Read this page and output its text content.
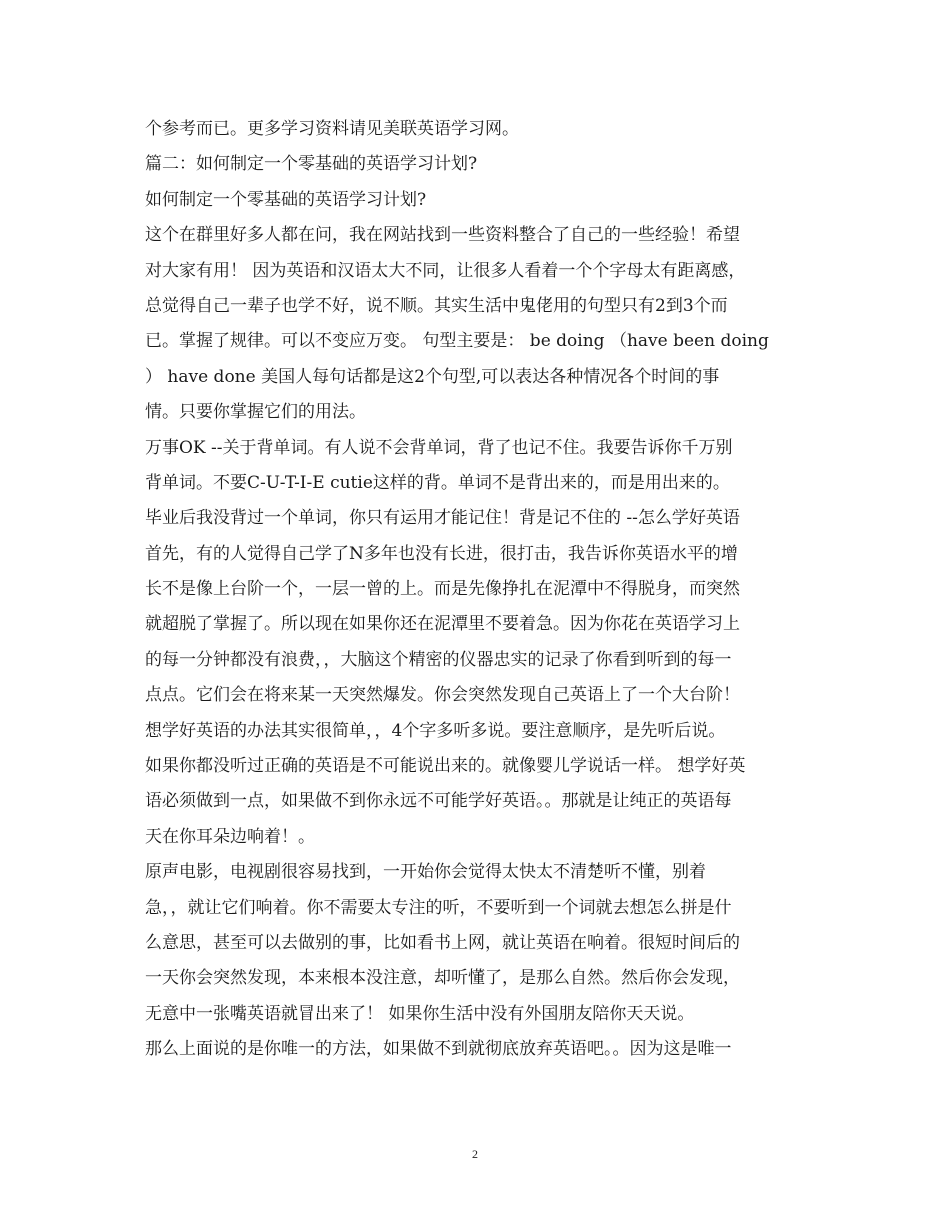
个参考而已。更多学习资料请见美联英语学习网。
篇二：如何制定一个零基础的英语学习计划?
如何制定一个零基础的英语学习计划?
这个在群里好多人都在问，我在网站找到一些资料整合了自己的一些经验！希望
对大家有用！ 因为英语和汉语太大不同，让很多人看着一个个字母太有距离感，
总觉得自己一辈子也学不好，说不顺。其实生活中鬼佬用的句型只有2到3个而
已。掌握了规律。可以不变应万变。 句型主要是： be doing （have been doing
） have done 美国人每句话都是这2个句型,可以表达各种情况各个时间的事
情。只要你掌握它们的用法。
万事OK --关于背单词。有人说不会背单词，背了也记不住。我要告诉你千万别
背单词。不要C-U-T-I-E cutie这样的背。单词不是背出来的，而是用出来的。
毕业后我没背过一个单词，你只有运用才能记住！背是记不住的 --怎么学好英语
首先，有的人觉得自己学了N多年也没有长进，很打击，我告诉你英语水平的增
长不是像上台阶一个，一层一曾的上。而是先像挣扎在泥潭中不得脱身，而突然
就超脱了掌握了。所以现在如果你还在泥潭里不要着急。因为你花在英语学习上
的每一分钟都没有浪费，，大脑这个精密的仪器忠实的记录了你看到听到的每一
点点。它们会在将来某一天突然爆发。你会突然发现自己英语上了一个大台阶！
想学好英语的办法其实很简单，，4个字多听多说。要注意顺序，是先听后说。
如果你都没听过正确的英语是不可能说出来的。就像婴儿学说话一样。 想学好英
语必须做到一点，如果做不到你永远不可能学好英语。。那就是让纯正的英语每
天在你耳朵边响着！。
原声电影，电视剧很容易找到，一开始你会觉得太快太不清楚听不懂，别着
急，，就让它们响着。你不需要太专注的听，不要听到一个词就去想怎么拼是什
么意思，甚至可以去做别的事，比如看书上网，就让英语在响着。很短时间后的
一天你会突然发现，本来根本没注意，却听懂了，是那么自然。然后你会发现，
无意中一张嘴英语就冒出来了！ 如果你生活中没有外国朋友陪你天天说。
那么上面说的是你唯一的方法，如果做不到就彻底放弃英语吧。。因为这是唯一
2
